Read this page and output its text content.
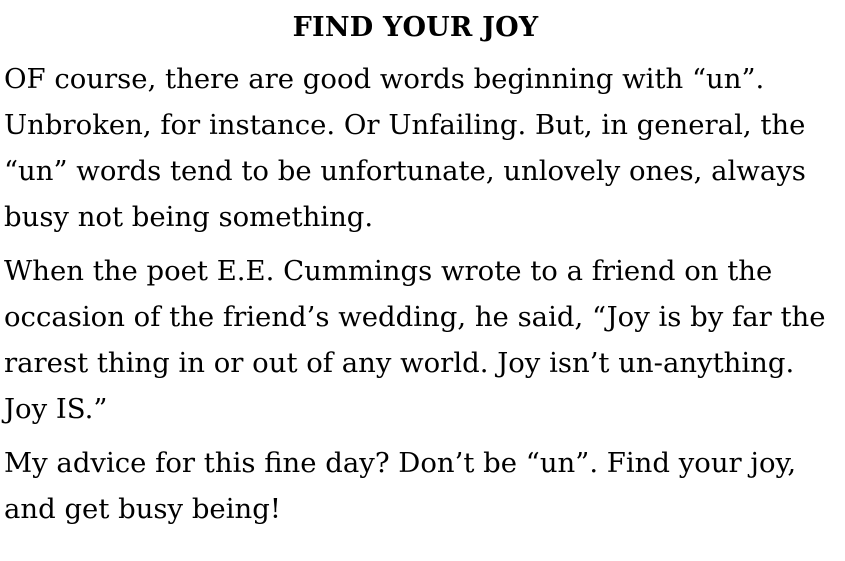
FIND YOUR JOY

OF course, there are good words beginning with “un”. Unbroken, for instance. Or Unfailing. But, in general, the “un” words tend to be unfortunate, unlovely ones, always busy not being something.

When the poet E.E. Cummings wrote to a friend on the occasion of the friend’s wedding, he said, “Joy is by far the rarest thing in or out of any world. Joy isn’t un-anything. Joy IS.”

My advice for this fine day? Don’t be “un”. Find your joy, and get busy being!
